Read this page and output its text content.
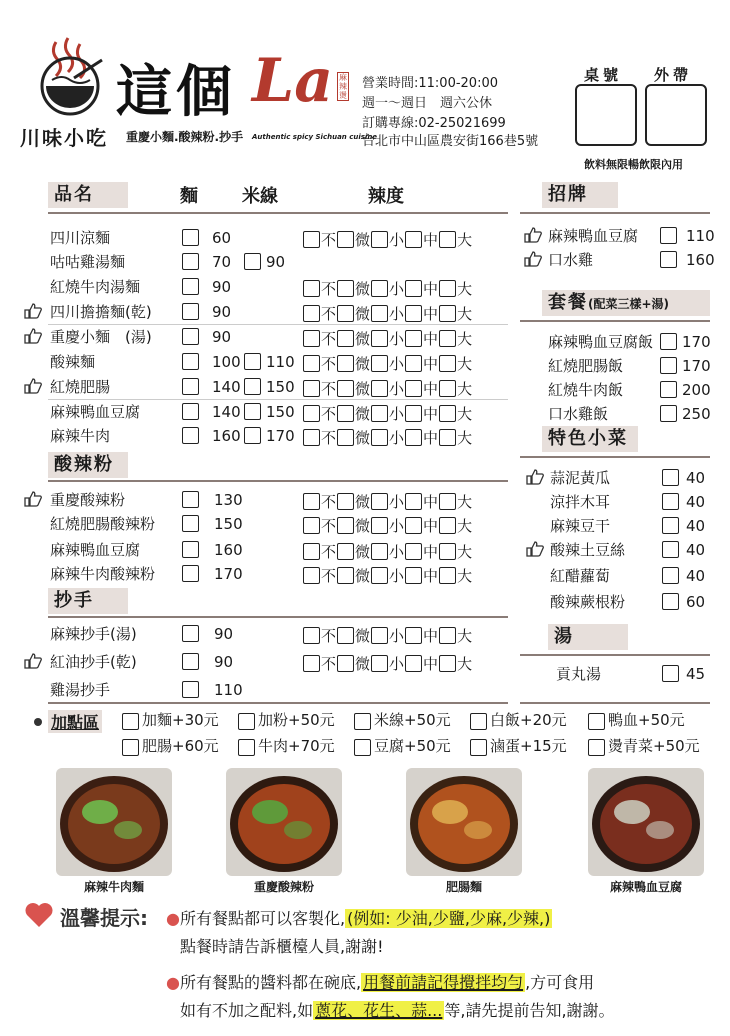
這個 La 麻辣燙
川味小吃 重慶小麵.酸辣粉.抄手 Authentic spicy Sichuan cuisine
營業時間:11:00-20:00
週一～週日　週六公休
訂購專線:02-25021699
台北市中山區農安街166巷5號
桌號 外帶
飲料無限暢飲限內用
品名	麵 米線	辣度
四川涼麵	60	不 微 小 中 大
咕咕雞湯麵	70 90
紅燒牛肉湯麵	90	不 微 小 中 大
四川擔擔麵(乾)	90	不 微 小 中 大
重慶小麵　(湯)	90	不 微 小 中 大
酸辣麵	100 110	不 微 小 中 大
紅燒肥腸	140 150	不 微 小 中 大
麻辣鴨血豆腐	140 150	不 微 小 中 大
麻辣牛肉	160 170	不 微 小 中 大
酸辣粉
重慶酸辣粉	130	不 微 小 中 大
紅燒肥腸酸辣粉	150	不 微 小 中 大
麻辣鴨血豆腐	160	不 微 小 中 大
麻辣牛肉酸辣粉	170	不 微 小 中 大
抄手
麻辣抄手(湯)	90	不 微 小 中 大
紅油抄手(乾)	90	不 微 小 中 大
雞湯抄手	110
招牌
麻辣鴨血豆腐	110
口水雞	160
套餐(配菜三樣+湯)
麻辣鴨血豆腐飯 170
紅燒肥腸飯	170
紅燒牛肉飯	200
口水雞飯	250
特色小菜
蒜泥黃瓜	40
涼拌木耳	40
麻辣豆干	40
酸辣土豆絲	40
紅醋蘿蔔	40
酸辣蕨根粉	60
湯
貢丸湯	45
加點區	加麵+30元	加粉+50元	米線+50元	白飯+20元	鴨血+50元
肥腸+60元	牛肉+70元	豆腐+50元	滷蛋+15元	燙青菜+50元
麻辣牛肉麵	重慶酸辣粉	肥腸麵	麻辣鴨血豆腐
溫馨提示: ●所有餐點都可以客製化, (例如: 少油,少鹽,少麻,少辣,)
點餐時請告訴櫃檯人員,謝謝!
●所有餐點的醬料都在碗底, 用餐前請記得攪拌均勻 ,方可食用
如有不加之配料,如 蔥花、花生、蒜... 等,請先提前告知,謝謝。
